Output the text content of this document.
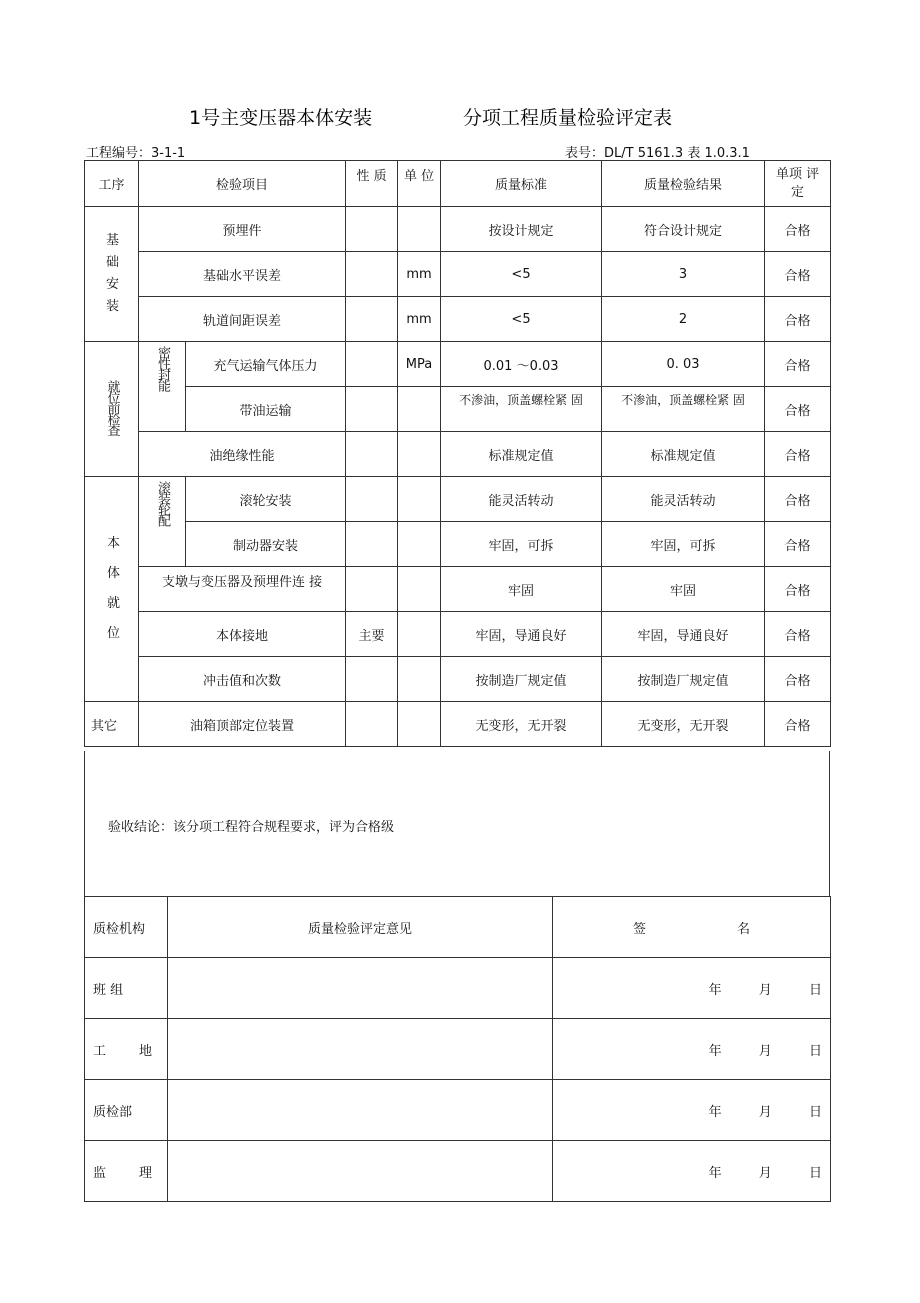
1号主变压器本体安装	分项工程质量检验评定表
工程编号：3-1-1	表号：DL/T 5161.3 表 1.0.3.1
工序	检验项目		性 质	单 位	质量标准	质量检验结果	单项 评定
基 础 安 装	预埋件				按设计规定	符合设计规定	合格
	基础水平误差			mm	<5	3	合格
	轨道间距误差			mm	<5	2	合格
就位前检查	密性封能	充气运输气体压力		MPa	0.01 ～0.03	0. 03	合格
		带油运输			不渗油，顶盖螺栓紧 固	不渗油，顶盖螺栓紧 固	合格
	油绝缘性能				标准规定值	标准规定值	合格
本 体 就 位	滚装轮配	滚轮安装			能灵活转动	能灵活转动	合格
		制动器安装			牢固，可拆	牢固，可拆	合格
	支墩与变压器及预埋件连 接				牢固	牢固	合格
	本体接地		主要		牢固，导通良好	牢固，导通良好	合格
	冲击值和次数				按制造厂规定值	按制造厂规定值	合格
其它	油箱顶部定位装置				无变形，无开裂	无变形，无开裂	合格
验收结论：该分项工程符合规程要求，评为合格级
质检机构	质量检验评定意见	签                      名
班 组		年         月         日
工        地		年         月         日
质检部		年         月         日
监        理		年         月         日
